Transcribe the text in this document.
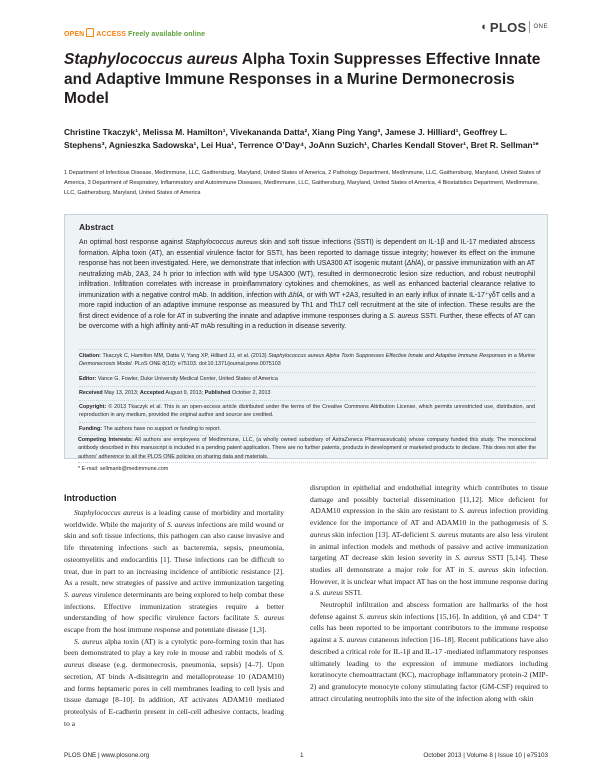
OPEN ACCESS Freely available online
◐ PLOS ONE
Staphylococcus aureus Alpha Toxin Suppresses Effective Innate and Adaptive Immune Responses in a Murine Dermonecrosis Model
Christine Tkaczyk¹, Melissa M. Hamilton¹, Vivekananda Datta², Xiang Ping Yang³, Jamese J. Hilliard¹, Geoffrey L. Stephens³, Agnieszka Sadowska¹, Lei Hua¹, Terrence O’Day⁴, JoAnn Suzich¹, Charles Kendall Stover¹, Bret R. Sellman¹*
1 Department of Infectious Disease, MedImmune, LLC, Gaithersburg, Maryland, United States of America, 2 Pathology Department, MedImmune, LLC, Gaithersburg, Maryland, United States of America, 3 Department of Respiratory, Inflammatory and Autoimmune Diseases, MedImmune, LLC, Gaithersburg, Maryland, United States of America, 4 Biostatistics Department, MedImmune, LLC, Gaithersburg, Maryland, United States of America
Abstract
An optimal host response against Staphylococcus aureus skin and soft tissue infections (SSTI) is dependent on IL-1β and IL-17 mediated abscess formation. Alpha toxin (AT), an essential virulence factor for SSTI, has been reported to damage tissue integrity; however its effect on the immune response has not been investigated. Here, we demonstrate that infection with USA300 AT isogenic mutant (ΔhlA), or passive immunization with an AT neutralizing mAb, 2A3, 24 h prior to infection with wild type USA300 (WT), resulted in dermonecrotic lesion size reduction, and robust neutrophil infiltration. Infiltration correlates with increase in proinflammatory cytokines and chemokines, as well as enhanced bacterial clearance relative to immunization with a negative control mAb. In addition, infection with ΔhlA, or with WT +2A3, resulted in an early influx of innate IL-17⁺γδT cells and a more rapid induction of an adaptive immune response as measured by Th1 and Th17 cell recruitment at the site of infection. These results are the first direct evidence of a role for AT in subverting the innate and adaptive immune responses during a S. aureus SSTI. Further, these effects of AT can be overcome with a high affinity anti-AT mAb resulting in a reduction in disease severity.
Citation: Tkaczyk C, Hamilton MM, Datta V, Yang XP, Hilliard JJ, et al. (2013) Staphylococcus aureus Alpha Toxin Suppresses Effective Innate and Adaptive Immune Responses in a Murine Dermonecrosis Model. PLoS ONE 8(10): e75103. doi:10.1371/journal.pone.0075103
Editor: Vance G. Fowler, Duke University Medical Center, United States of America
Received May 13, 2013; Accepted August 9, 2013; Published October 2, 2013
Copyright: © 2013 Tkaczyk et al. This is an open-access article distributed under the terms of the Creative Commons Attribution License, which permits unrestricted use, distribution, and reproduction in any medium, provided the original author and source are credited.
Funding: The authors have no support or funding to report.
Competing Interests: All authors are employees of MedImmune, LLC, (a wholly owned subsidiary of AstraZeneca Pharmaceuticals) whose company funded this study. The monoclonal antibody described in this manuscript is included in a pending patent application. There are no further patents, products in development or marketed products to declare. This does not alter the authors’ adherence to all the PLOS ONE policies on sharing data and materials.
* E-mail: sellmanb@medimmune.com
Introduction

Staphylococcus aureus is a leading cause of morbidity and mortality worldwide. While the majority of S. aureus infections are mild wound or skin and soft tissue infections, this pathogen can also cause invasive and life threatening infections such as bacteremia, sepsis, pneumonia, osteomyelitis and endocarditis [1]. These infections can be difficult to treat, due in part to an increasing incidence of antibiotic resistance [2]. As a result, new strategies of passive and active immunization targeting S. aureus virulence determinants are being explored to help combat these infections. Effective immunization strategies require a better understanding of how specific virulence factors facilitate S. aureus escape from the host immune response and potentiate disease [1,3].

S. aureus alpha toxin (AT) is a cytolytic pore-forming toxin that has been demonstrated to play a key role in mouse and rabbit models of S. aureus disease (e.g. dermonecrosis, pneumonia, sepsis) [4–7]. Upon secretion, AT binds A-disintegrin and metalloprotease 10 (ADAM10) and forms heptameric pores in cell membranes leading to cell lysis and tissue damage [8–10]. In addition, AT activates ADAM10 mediated proteolysis of E-cadherin present in cell-cell adhesive contacts, leading to a

disruption in epithelial and endothelial integrity which contributes to tissue damage and possibly bacterial dissemination [11,12]. Mice deficient for ADAM10 expression in the skin are resistant to S. aureus infection providing evidence for the importance of AT and ADAM10 in the pathogenesis of S. aureus skin infection [13]. AT-deficient S. aureus mutants are also less virulent in animal infection models and methods of passive and active immunization targeting AT decrease skin lesion severity in S. aureus SSTI [5,14]. These studies all demonstrate a major role for AT in S. aureus skin infection. However, it is unclear what impact AT has on the host immune response during a S. aureus SSTI.

Neutrophil infiltration and abscess formation are hallmarks of the host defense against S. aureus skin infections [15,16]. In addition, γδ and CD4⁺ T cells has been reported to be important contributors to the immune response against a S. aureus cutaneous infection [16–18]. Recent publications have also described a critical role for IL-1β and IL-17 -mediated inflammatory responses ultimately leading to the expression of immune mediators including keratinocyte chemoattractant (KC), macrophage inflammatory protein-2 (MIP-2) and granulocyte monocyte colony stimulating factor (GM-CSF) required to attract circulating neutrophils into the site of the infection along with ‹skin

PLOS ONE | www.plosone.org	1	October 2013 | Volume 8 | Issue 10 | e75103
